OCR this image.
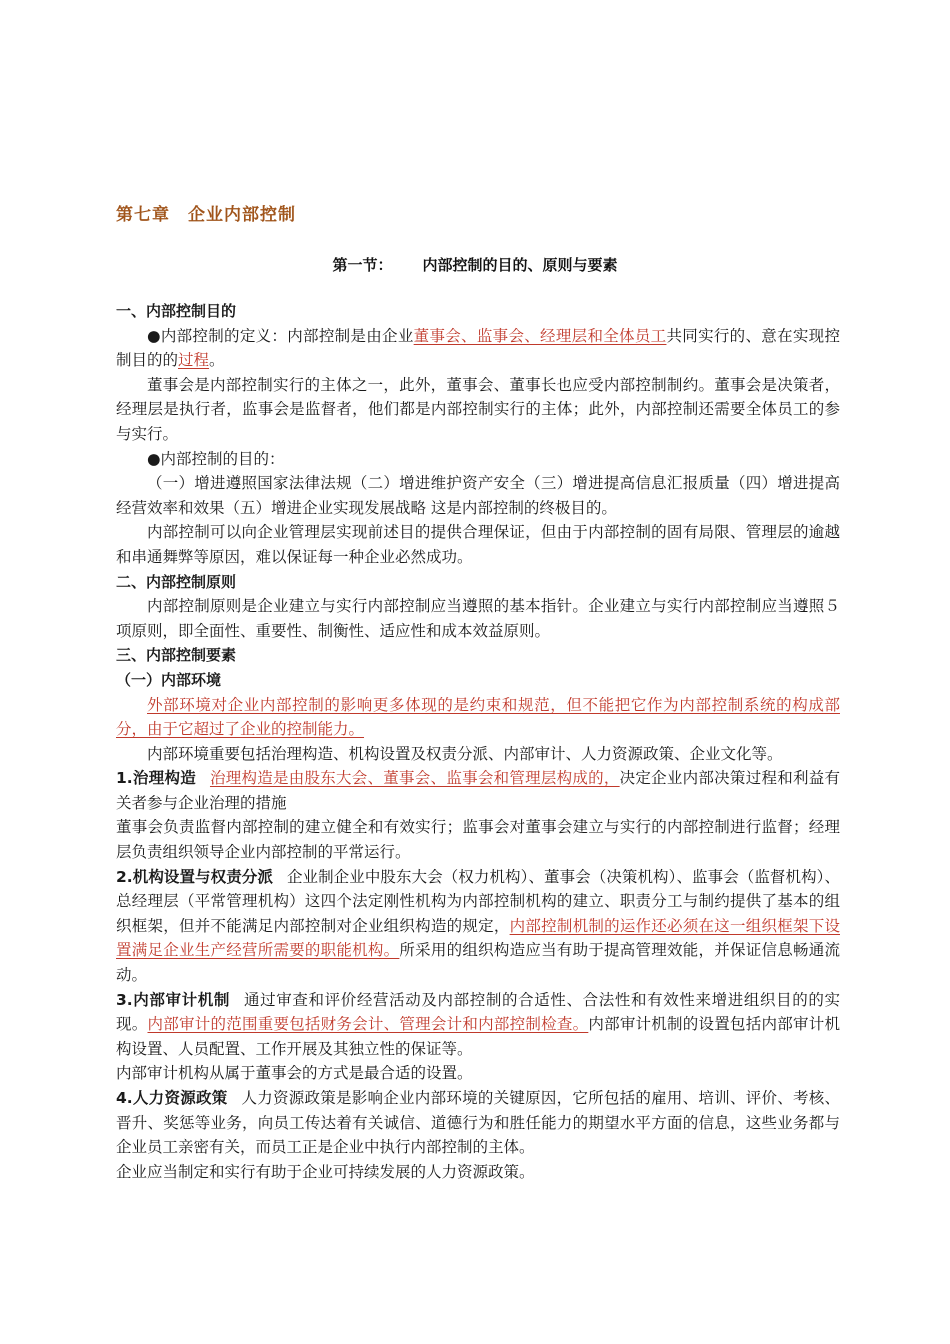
第七章　企业内部控制
第一节： 内部控制的目的、原则与要素

一、内部控制目的

●内部控制的定义：内部控制是由企业董事会、监事会、经理层和全体员工共同实行的、意在实现控制目的的过程。

董事会是内部控制实行的主体之一，此外，董事会、董事长也应受内部控制制约。董事会是决策者，经理层是执行者，监事会是监督者，他们都是内部控制实行的主体；此外，内部控制还需要全体员工的参与实行。

●内部控制的目的：

（一）增进遵照国家法律法规（二）增进维护资产安全（三）增进提高信息汇报质量（四）增进提高经营效率和效果（五）增进企业实现发展战略 这是内部控制的终极目的。

内部控制可以向企业管理层实现前述目的提供合理保证，但由于内部控制的固有局限、管理层的逾越和串通舞弊等原因，难以保证每一种企业必然成功。

二、内部控制原则

内部控制原则是企业建立与实行内部控制应当遵照的基本指针。企业建立与实行内部控制应当遵照５项原则，即全面性、重要性、制衡性、适应性和成本效益原则。

三、内部控制要素

（一）内部环境

外部环境对企业内部控制的影响更多体现的是约束和规范，但不能把它作为内部控制系统的构成部分，由于它超过了企业的控制能力。

内部环境重要包括治理构造、机构设置及权责分派、内部审计、人力资源政策、企业文化等。

1.治理构造 治理构造是由股东大会、董事会、监事会和管理层构成的，决定企业内部决策过程和利益有关者参与企业治理的措施

董事会负责监督内部控制的建立健全和有效实行；监事会对董事会建立与实行的内部控制进行监督；经理层负责组织领导企业内部控制的平常运行。

2.机构设置与权责分派 企业制企业中股东大会（权力机构）、董事会（决策机构）、监事会（监督机构）、总经理层（平常管理机构）这四个法定刚性机构为内部控制机构的建立、职责分工与制约提供了基本的组织框架，但并不能满足内部控制对企业组织构造的规定，内部控制机制的运作还必须在这一组织框架下设置满足企业生产经营所需要的职能机构。所采用的组织构造应当有助于提高管理效能，并保证信息畅通流动。

3.内部审计机制 通过审查和评价经营活动及内部控制的合适性、合法性和有效性来增进组织目的的实现。内部审计的范围重要包括财务会计、管理会计和内部控制检查。内部审计机制的设置包括内部审计机构设置、人员配置、工作开展及其独立性的保证等。

内部审计机构从属于董事会的方式是最合适的设置。

4.人力资源政策 人力资源政策是影响企业内部环境的关键原因，它所包括的雇用、培训、评价、考核、晋升、奖惩等业务，向员工传达着有关诚信、道德行为和胜任能力的期望水平方面的信息，这些业务都与企业员工亲密有关，而员工正是企业中执行内部控制的主体。

企业应当制定和实行有助于企业可持续发展的人力资源政策。
